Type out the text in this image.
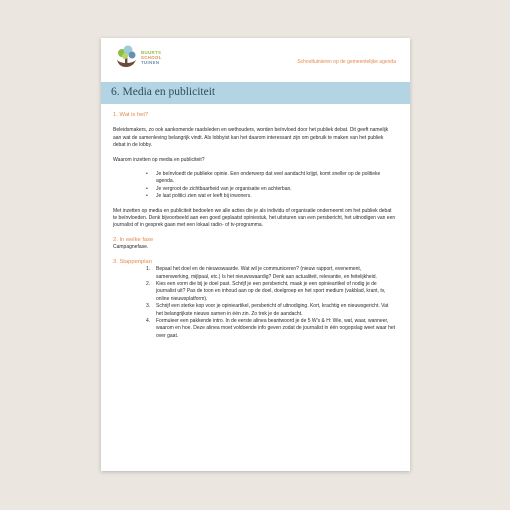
BUURTS
SCHOOL
TUINEN	Schooltuinieren op de gemeentelijke agenda
6. Media en publiciteit

1. Wat is het?

Beleidsmakers, zo ook aankomende raadsleden en wethouders, worden beïnvloed door het publiek debat. Dit geeft namelijk aan wat de samenleving belangrijk vindt. Als lobbyist kan het daarom interessant zijn om gebruik te maken van het publiek debat in de lobby.

Waarom inzetten op media en publiciteit?

• Je beïnvloedt de publieke opinie. Een onderwerp dat veel aandacht krijgt, komt sneller op de politieke agenda.
• Je vergroot de zichtbaarheid van je organisatie en achterban.
• Je laat politici zien wat er leeft bij inwoners.

Met inzetten op media en publiciteit bedoelen we alle acties die je als individu of organisatie onderneemt om het publiek debat te beïnvloeden. Denk bijvoorbeeld aan een goed geplaatst opiniestuk, het uitsturen van een persbericht, het uitnodigen van een journalist of in gesprek gaan met een lokaal radio- of tv-programma.

2. In welke fase

Campagnefase.

3. Stappenplan

1. Bepaal het doel en de nieuwswaarde. Wat wil je communiceren? (nieuw rapport, evenement, samenwerking, mijlpaal, etc.) Is het nieuwswaardig? Denk aan actualiteit, relevantie, en feitelijkheid.
2. Kies een vorm die bij je doel past. Schrijf je een persbericht, maak je een opinieartikel of nodig je de journalist uit? Pas de toon en inhoud aan op de doel, doelgroep en het sport medium (vakblad, krant, tv, online nieuwsplatform).
3. Schrijf een sterke kop voor je opinieartikel, persbericht of uitnodiging. Kort, krachtig en nieuwsgericht. Vat het belangrijkste nieuws samen in één zin. Zo trek je de aandacht.
4. Formuleer een pakkende intro. In de eerste alinea beantwoord je de 5 W’s & H: Wie, wat, waar, wanneer, waarom en hoe. Deze alinea moet voldoende info geven zodat de journalist in één oogopslag weet waar het over gaat.
